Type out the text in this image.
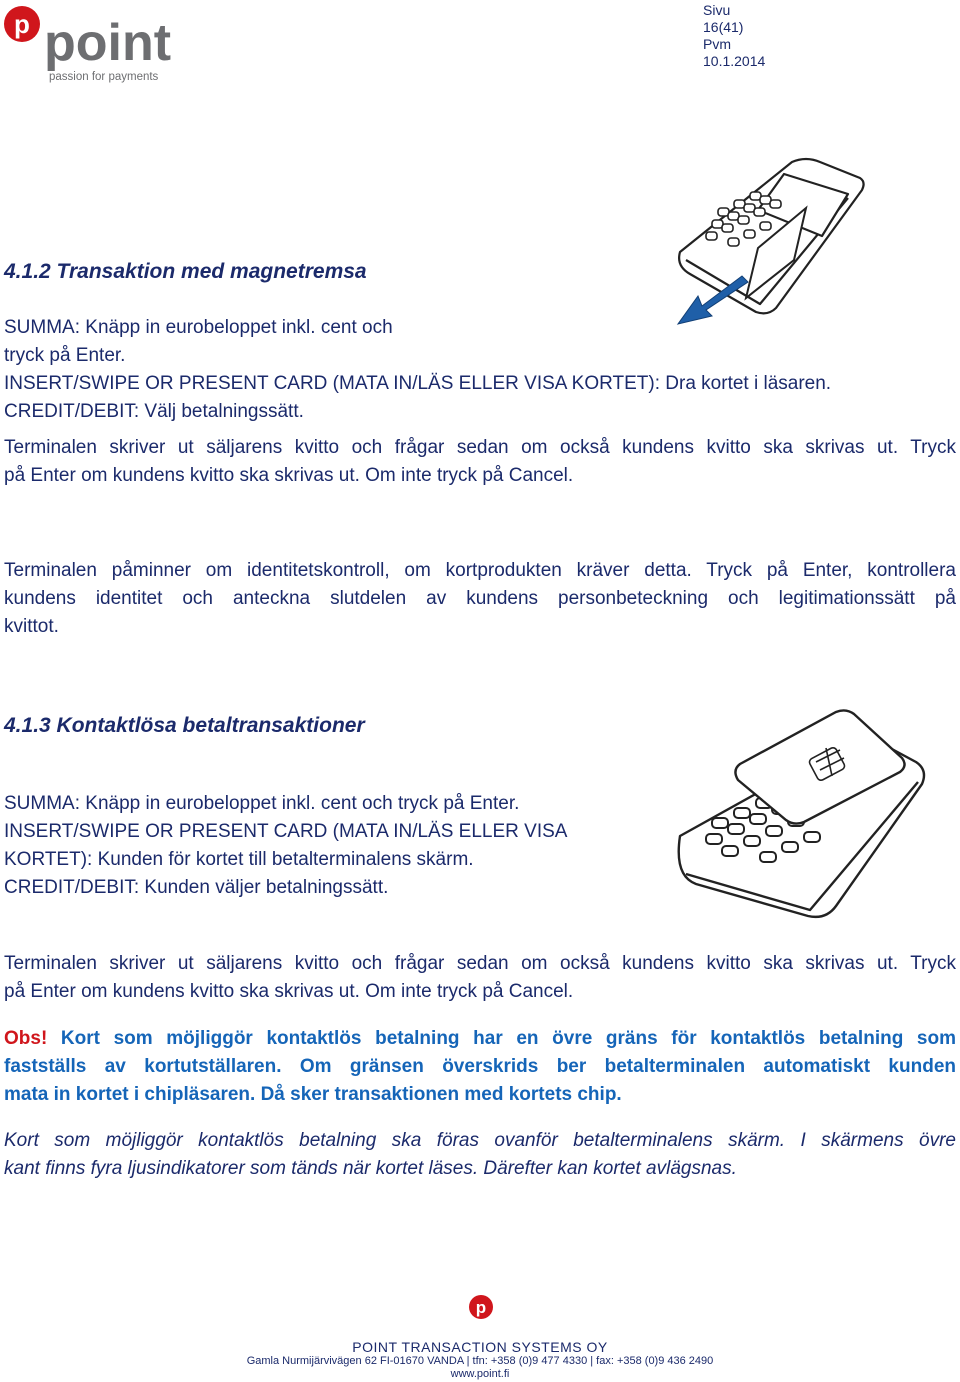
p point
passion for payments
Sivu
16(41)
Pvm
10.1.2014
4.1.2 Transaktion med magnetremsa
SUMMA: Knäpp in eurobeloppet inkl. cent och
tryck på Enter.
INSERT/SWIPE OR PRESENT CARD (MATA IN/LÄS ELLER VISA KORTET): Dra kortet i läsaren.
CREDIT/DEBIT: Välj betalningssätt.
Terminalen skriver ut säljarens kvitto och frågar sedan om också kundens kvitto ska skrivas ut. Tryck
på Enter om kundens kvitto ska skrivas ut. Om inte tryck på Cancel.
Terminalen påminner om identitetskontroll, om kortprodukten kräver detta. Tryck på Enter, kontrollera
kundens identitet och anteckna slutdelen av kundens personbeteckning och legitimationssätt på
kvittot.
4.1.3 Kontaktlösa betaltransaktioner
SUMMA: Knäpp in eurobeloppet inkl. cent och tryck på Enter.
INSERT/SWIPE OR PRESENT CARD (MATA IN/LÄS ELLER VISA
KORTET): Kunden för kortet till betalterminalens skärm.
CREDIT/DEBIT: Kunden väljer betalningssätt.
Terminalen skriver ut säljarens kvitto och frågar sedan om också kundens kvitto ska skrivas ut. Tryck
på Enter om kundens kvitto ska skrivas ut. Om inte tryck på Cancel.
Obs! Kort som möjliggör kontaktlös betalning har en övre gräns för kontaktlös betalning som
fastställs av kortutställaren. Om gränsen överskrids ber betalterminalen automatiskt kunden
mata in kortet i chipläsaren. Då sker transaktionen med kortets chip.
Kort som möjliggör kontaktlös betalning ska föras ovanför betalterminalens skärm. I skärmens övre
kant finns fyra ljusindikatorer som tänds när kortet läses. Därefter kan kortet avlägsnas.
p
POINT TRANSACTION SYSTEMS OY
Gamla Nurmijärvivägen 62 FI-01670 VANDA | tfn: +358 (0)9 477 4330 | fax: +358 (0)9 436 2490
www.point.fi
